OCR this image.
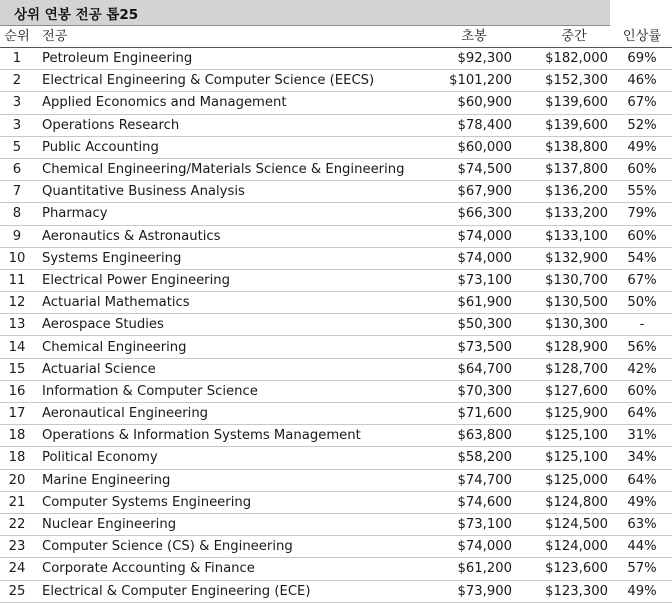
상위 연봉 전공 톱25
순위	전공	초봉	중간	인상률
1	Petroleum Engineering	$92,300	$182,000	69%
2	Electrical Engineering & Computer Science (EECS)	$101,200	$152,300	46%
3	Applied Economics and Management	$60,900	$139,600	67%
3	Operations Research	$78,400	$139,600	52%
5	Public Accounting	$60,000	$138,800	49%
6	Chemical Engineering/Materials Science & Engineering	$74,500	$137,800	60%
7	Quantitative Business Analysis	$67,900	$136,200	55%
8	Pharmacy	$66,300	$133,200	79%
9	Aeronautics & Astronautics	$74,000	$133,100	60%
10	Systems Engineering	$74,000	$132,900	54%
11	Electrical Power Engineering	$73,100	$130,700	67%
12	Actuarial Mathematics	$61,900	$130,500	50%
13	Aerospace Studies	$50,300	$130,300	-
14	Chemical Engineering	$73,500	$128,900	56%
15	Actuarial Science	$64,700	$128,700	42%
16	Information & Computer Science	$70,300	$127,600	60%
17	Aeronautical Engineering	$71,600	$125,900	64%
18	Operations & Information Systems Management	$63,800	$125,100	31%
18	Political Economy	$58,200	$125,100	34%
20	Marine Engineering	$74,700	$125,000	64%
21	Computer Systems Engineering	$74,600	$124,800	49%
22	Nuclear Engineering	$73,100	$124,500	63%
23	Computer Science (CS) & Engineering	$74,000	$124,000	44%
24	Corporate Accounting & Finance	$61,200	$123,600	57%
25	Electrical & Computer Engineering (ECE)	$73,900	$123,300	49%
